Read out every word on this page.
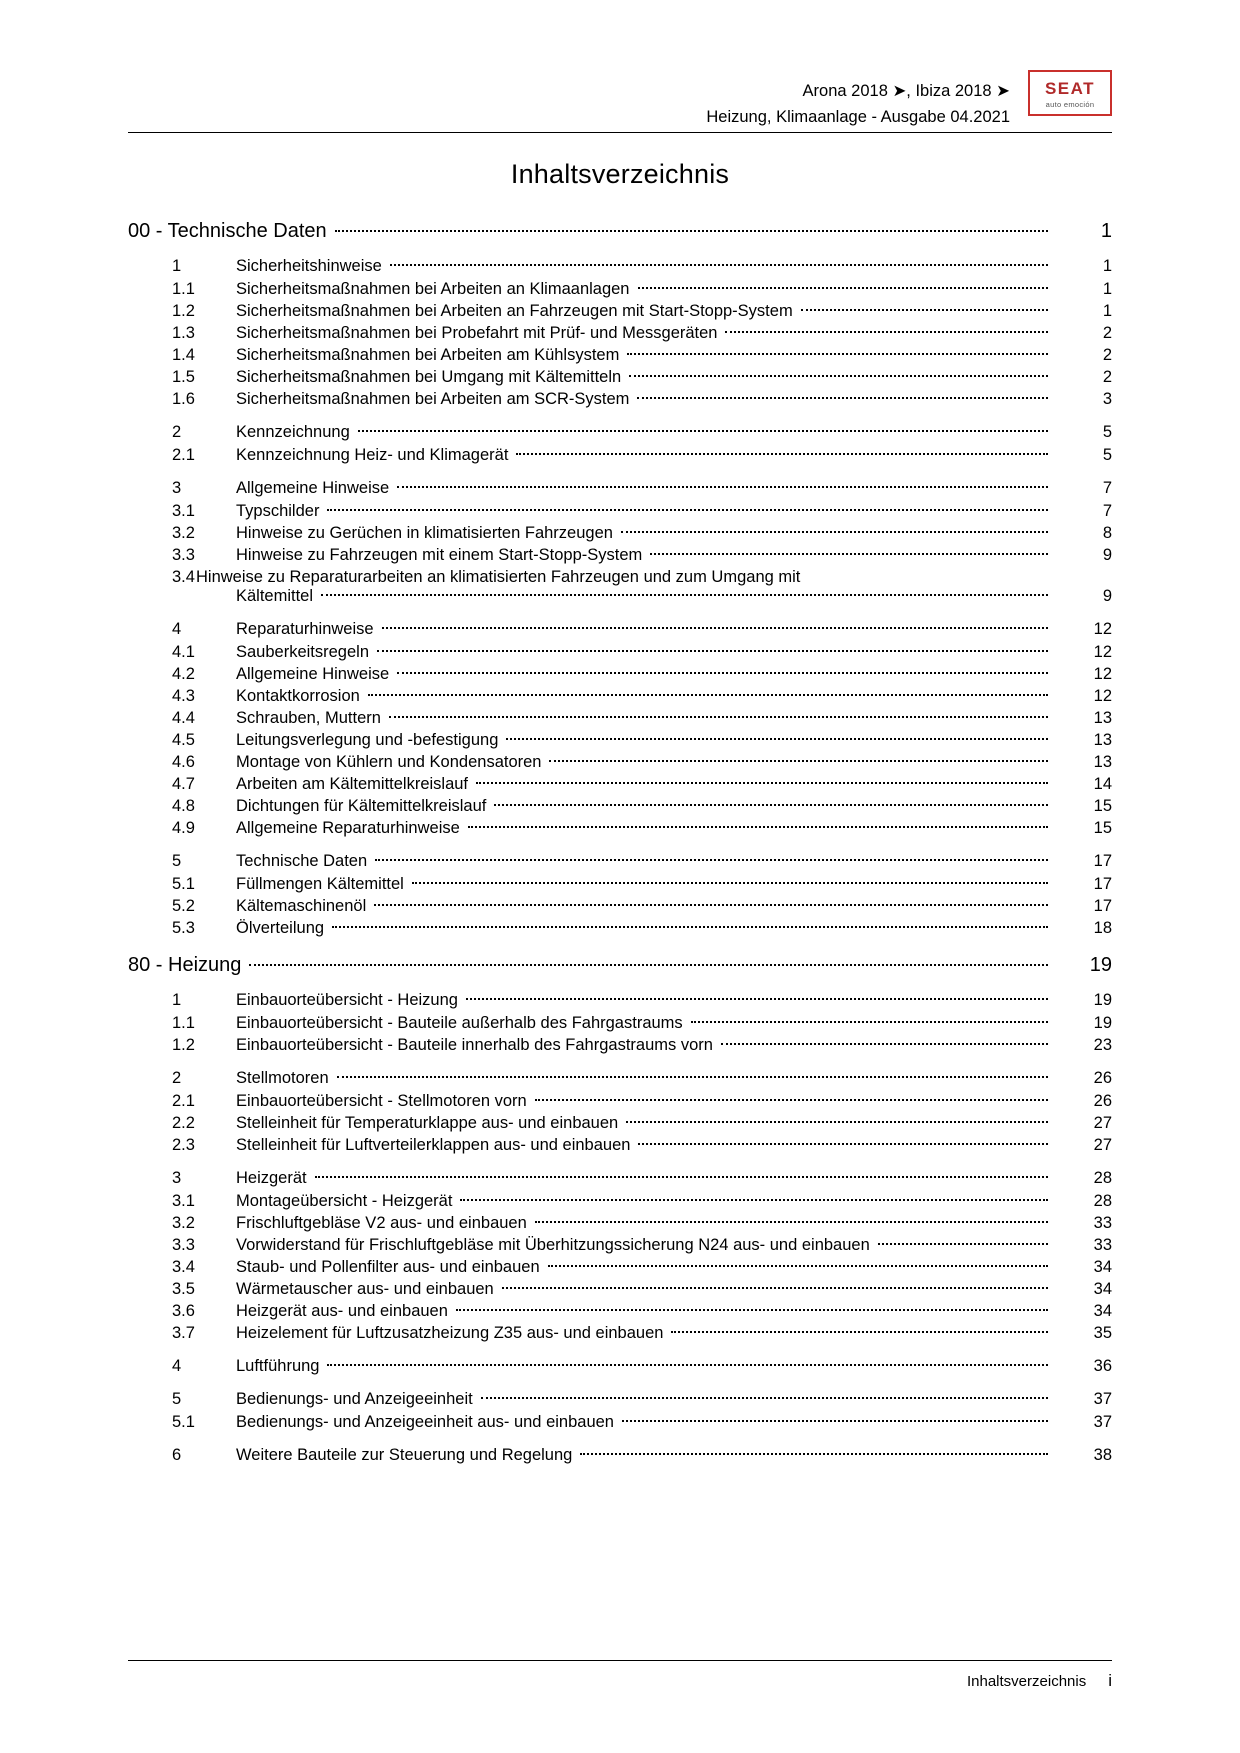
Arona 2018 ➤, Ibiza 2018 ➤
Heizung, Klimaanlage - Ausgabe 04.2021
SEAT
auto emoción
Inhaltsverzeichnis
00 - Technische Daten	1
1	Sicherheitshinweise	1
1.1	Sicherheitsmaßnahmen bei Arbeiten an Klimaanlagen	1
1.2	Sicherheitsmaßnahmen bei Arbeiten an Fahrzeugen mit Start-Stopp-System	1
1.3	Sicherheitsmaßnahmen bei Probefahrt mit Prüf- und Messgeräten	2
1.4	Sicherheitsmaßnahmen bei Arbeiten am Kühlsystem	2
1.5	Sicherheitsmaßnahmen bei Umgang mit Kältemitteln	2
1.6	Sicherheitsmaßnahmen bei Arbeiten am SCR-System	3
2	Kennzeichnung	5
2.1	Kennzeichnung Heiz- und Klimagerät	5
3	Allgemeine Hinweise	7
3.1	Typschilder	7
3.2	Hinweise zu Gerüchen in klimatisierten Fahrzeugen	8
3.3	Hinweise zu Fahrzeugen mit einem Start-Stopp-System	9
3.4 Hinweise zu Reparaturarbeiten an klimatisierten Fahrzeugen und zum Umgang mit
Kältemittel	9
4	Reparaturhinweise	12
4.1	Sauberkeitsregeln	12
4.2	Allgemeine Hinweise	12
4.3	Kontaktkorrosion	12
4.4	Schrauben, Muttern	13
4.5	Leitungsverlegung und -befestigung	13
4.6	Montage von Kühlern und Kondensatoren	13
4.7	Arbeiten am Kältemittelkreislauf	14
4.8	Dichtungen für Kältemittelkreislauf	15
4.9	Allgemeine Reparaturhinweise	15
5	Technische Daten	17
5.1	Füllmengen Kältemittel	17
5.2	Kältemaschinenöl	17
5.3	Ölverteilung	18
80 - Heizung	19
1	Einbauorteübersicht - Heizung	19
1.1	Einbauorteübersicht - Bauteile außerhalb des Fahrgastraums	19
1.2	Einbauorteübersicht - Bauteile innerhalb des Fahrgastraums vorn	23
2	Stellmotoren	26
2.1	Einbauorteübersicht - Stellmotoren vorn	26
2.2	Stelleinheit für Temperaturklappe aus- und einbauen	27
2.3	Stelleinheit für Luftverteilerklappen aus- und einbauen	27
3	Heizgerät	28
3.1	Montageübersicht - Heizgerät	28
3.2	Frischluftgebläse V2 aus- und einbauen	33
3.3	Vorwiderstand für Frischluftgebläse mit Überhitzungssicherung N24 aus- und einbauen	33
3.4	Staub- und Pollenfilter aus- und einbauen	34
3.5	Wärmetauscher aus- und einbauen	34
3.6	Heizgerät aus- und einbauen	34
3.7	Heizelement für Luftzusatzheizung Z35 aus- und einbauen	35
4	Luftführung	36
5	Bedienungs- und Anzeigeeinheit	37
5.1	Bedienungs- und Anzeigeeinheit aus- und einbauen	37
6	Weitere Bauteile zur Steuerung und Regelung	38
Inhaltsverzeichnis	i
